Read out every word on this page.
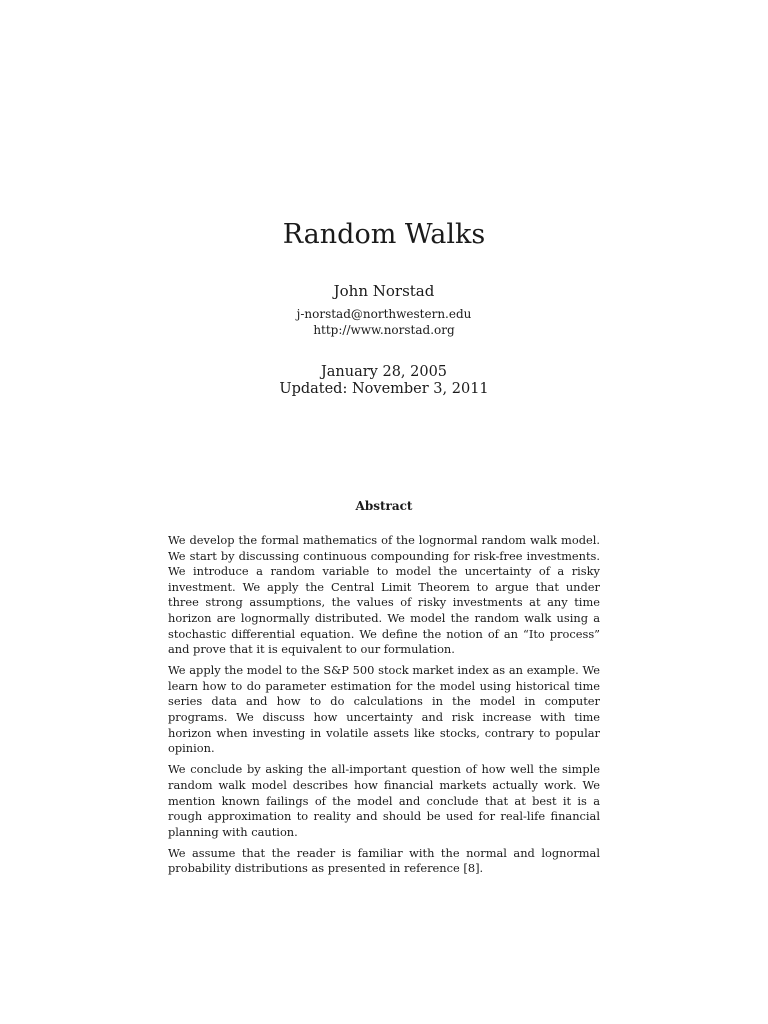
Random Walks
John Norstad
j-norstad@northwestern.edu
http://www.norstad.org
January 28, 2005
Updated: November 3, 2011
Abstract

We develop the formal mathematics of the lognormal random walk model. We start by discussing continuous compounding for risk-free investments. We introduce a random variable to model the uncertainty of a risky investment. We apply the Central Limit Theorem to argue that under three strong assumptions, the values of risky investments at any time horizon are lognormally distributed. We model the random walk using a stochastic differential equation. We define the notion of an “Ito process” and prove that it is equivalent to our formulation.

We apply the model to the S&P 500 stock market index as an example. We learn how to do parameter estimation for the model using historical time series data and how to do calculations in the model in computer programs. We discuss how uncertainty and risk increase with time horizon when investing in volatile assets like stocks, contrary to popular opinion.

We conclude by asking the all-important question of how well the simple random walk model describes how financial markets actually work. We mention known failings of the model and conclude that at best it is a rough approximation to reality and should be used for real-life financial planning with caution.

We assume that the reader is familiar with the normal and lognormal probability distributions as presented in reference [8].
